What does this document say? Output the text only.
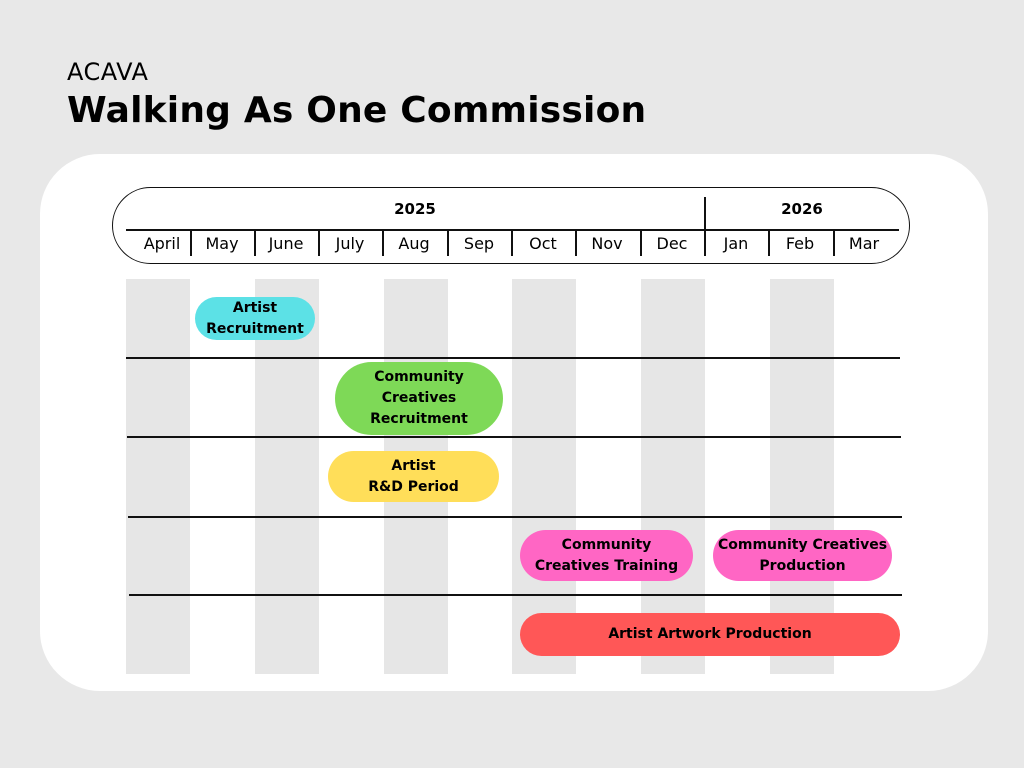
ACAVA
Walking As One Commission
2025	2026
April	May	June	July	Aug	Sep	Oct	Nov	Dec	Jan	Feb	Mar
Artist
Recruitment
Community
Creatives
Recruitment
Artist
R&D Period
Community
Creatives Training
Community Creatives
Production
Artist Artwork Production
